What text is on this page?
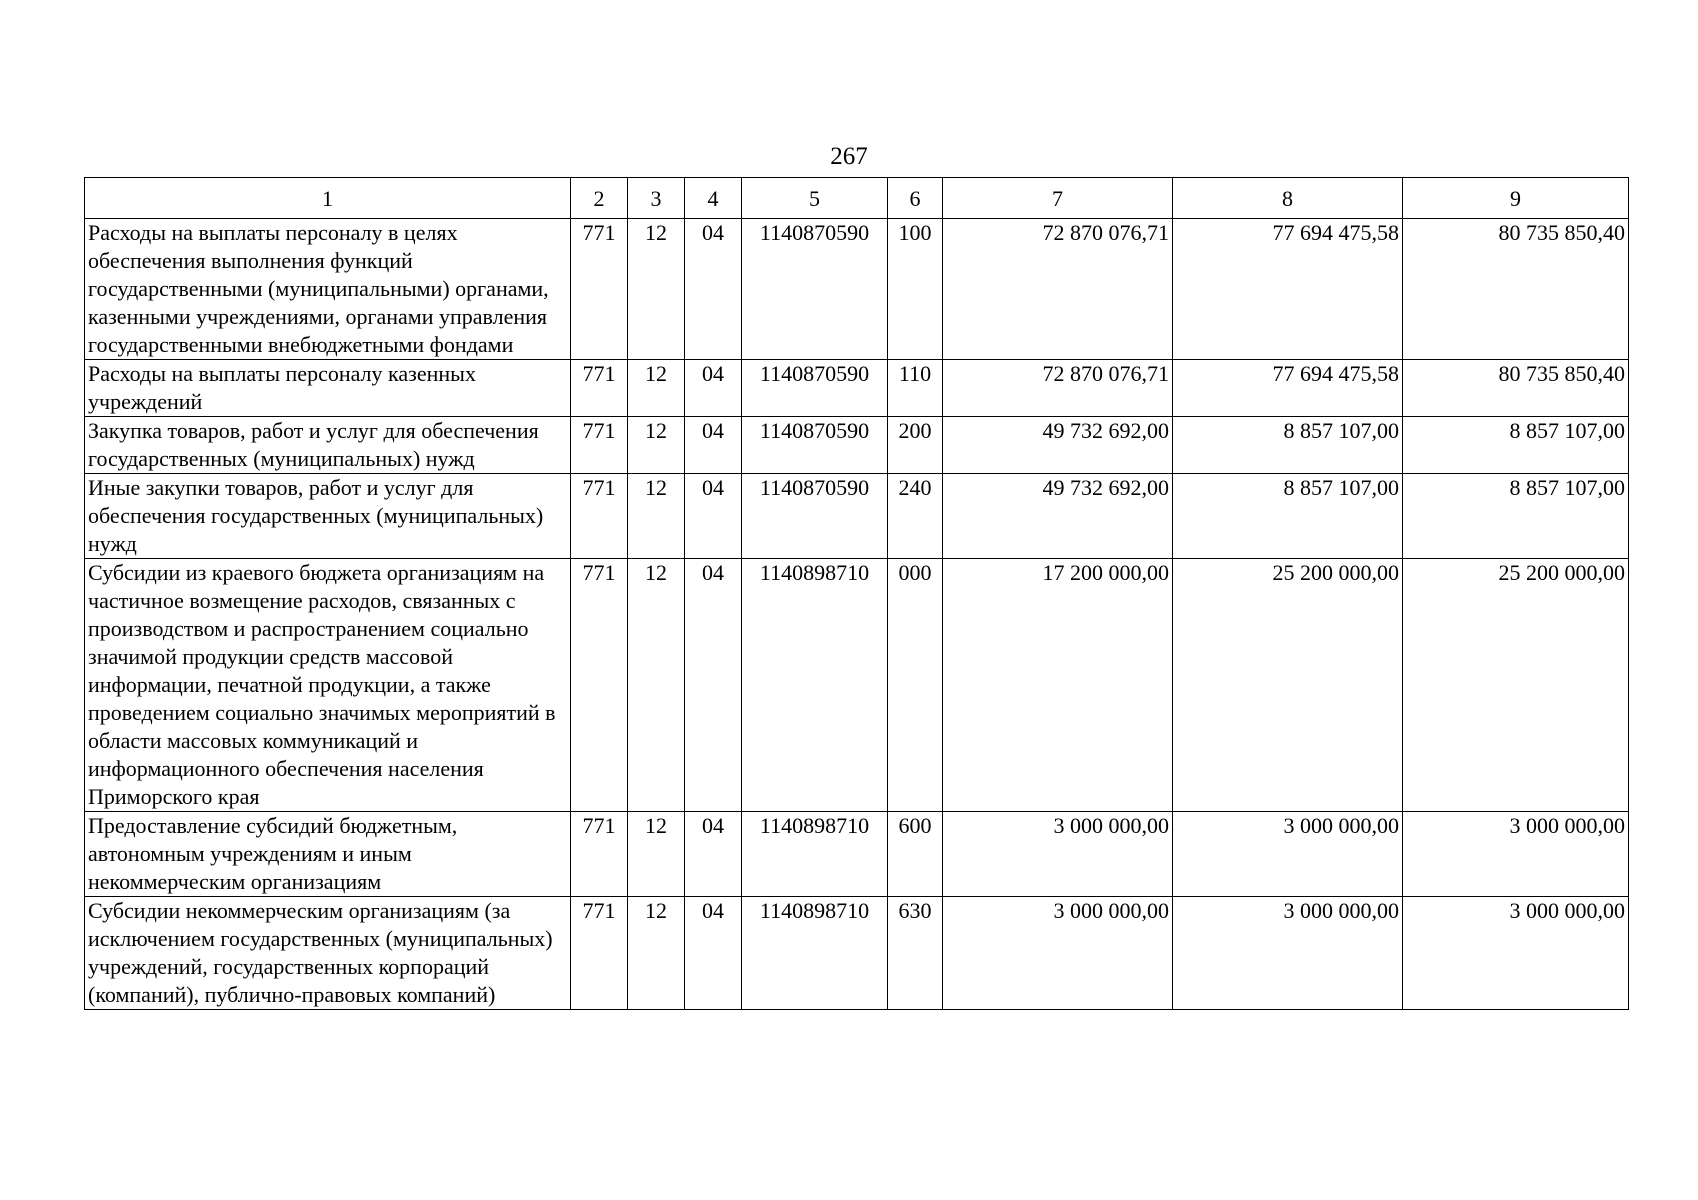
267
1	2	3	4	5	6	7	8	9
Расходы на выплаты персоналу в целях обеспечения выполнения функций государственными (муниципальными) органами, казенными учреждениями, органами управления государственными внебюджетными фондами	771	12	04	1140870590	100	72 870 076,71	77 694 475,58	80 735 850,40
Расходы на выплаты персоналу казенных учреждений	771	12	04	1140870590	110	72 870 076,71	77 694 475,58	80 735 850,40
Закупка товаров, работ и услуг для обеспечения государственных (муниципальных) нужд	771	12	04	1140870590	200	49 732 692,00	8 857 107,00	8 857 107,00
Иные закупки товаров, работ и услуг для обеспечения государственных (муниципальных) нужд	771	12	04	1140870590	240	49 732 692,00	8 857 107,00	8 857 107,00
Субсидии из краевого бюджета организациям на частичное возмещение расходов, связанных с производством и распространением социально значимой продукции средств массовой информации, печатной продукции, а также проведением социально значимых мероприятий в области массовых коммуникаций и информационного обеспечения населения Приморского края	771	12	04	1140898710	000	17 200 000,00	25 200 000,00	25 200 000,00
Предоставление субсидий бюджетным, автономным учреждениям и иным некоммерческим организациям	771	12	04	1140898710	600	3 000 000,00	3 000 000,00	3 000 000,00
Субсидии некоммерческим организациям (за исключением государственных (муниципальных) учреждений, государственных корпораций (компаний), публично-правовых компаний)	771	12	04	1140898710	630	3 000 000,00	3 000 000,00	3 000 000,00
